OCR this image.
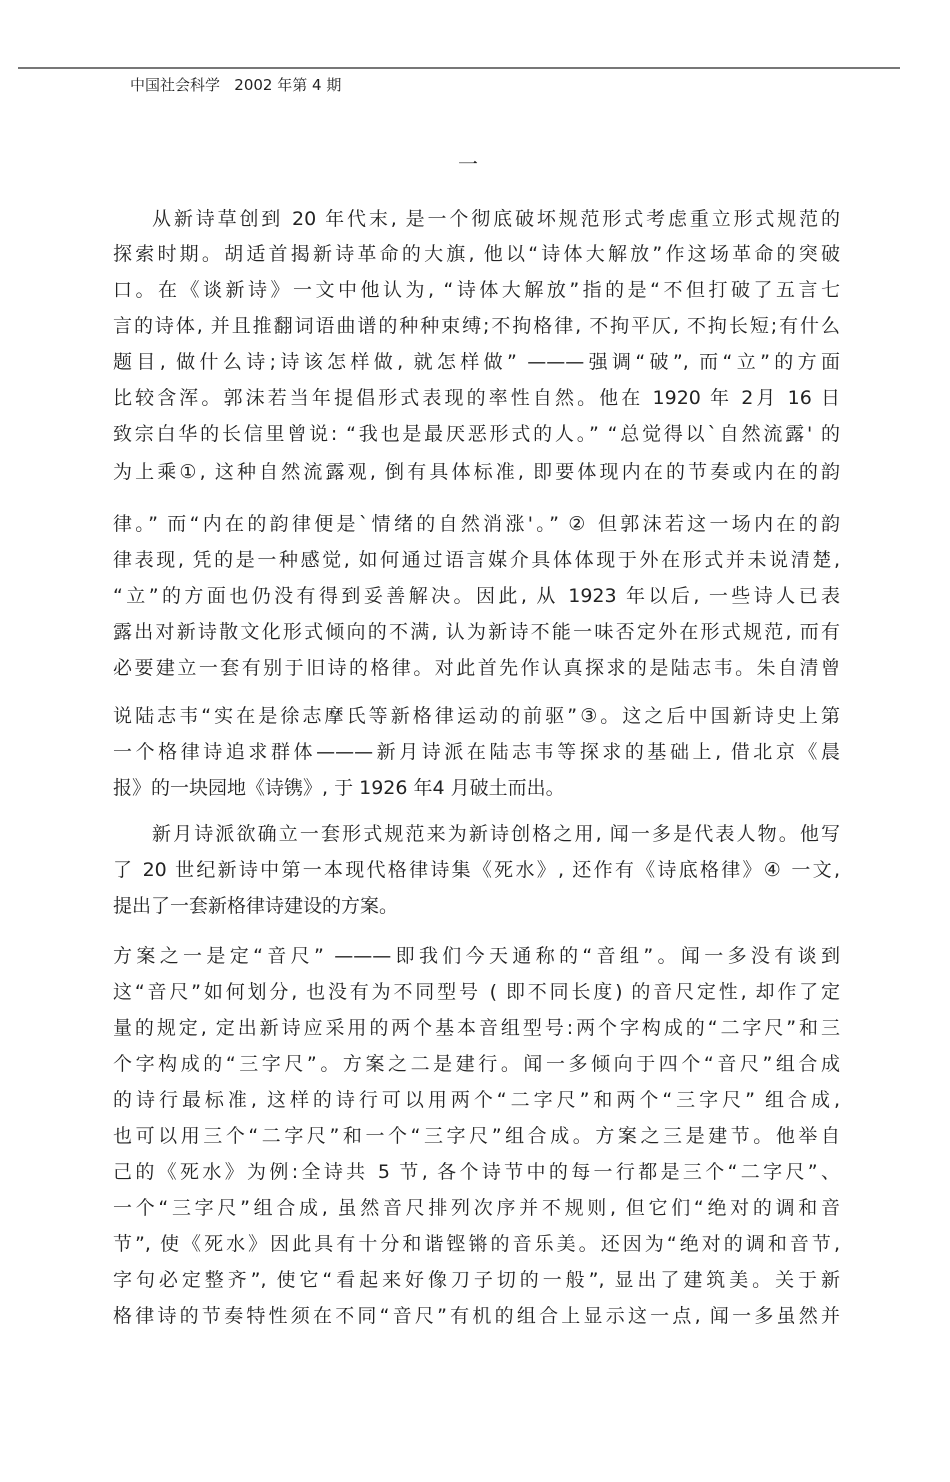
中国社会科学   2002 年第 4 期
一
从新诗草创到 20 年代末, 是一个彻底破坏规范形式考虑重立形式规范的
探索时期。胡适首揭新诗革命的大旗, 他以“诗体大解放”作这场革命的突破
口。在《谈新诗》一文中他认为, “诗体大解放”指的是“不但打破了五言七
言的诗体, 并且推翻词语曲谱的种种束缚;不拘格律, 不拘平仄, 不拘长短;有什么
题目, 做什么诗;诗该怎样做, 就怎样做” ———强调“破”, 而“立”的方面
比较含浑。郭沫若当年提倡形式表现的率性自然。他在 1920 年 2月 16 日
致宗白华的长信里曾说: “我也是最厌恶形式的人。” “总觉得以`自然流露' 的
为上乘①, 这种自然流露观, 倒有具体标准, 即要体现内在的节奏或内在的韵
律。” 而“内在的韵律便是`情绪的自然消涨'。” ② 但郭沫若这一场内在的韵
律表现, 凭的是一种感觉, 如何通过语言媒介具体体现于外在形式并未说清楚,
“立”的方面也仍没有得到妥善解决。因此, 从 1923 年以后, 一些诗人已表
露出对新诗散文化形式倾向的不满, 认为新诗不能一味否定外在形式规范, 而有
必要建立一套有别于旧诗的格律。对此首先作认真探求的是陆志韦。朱自清曾
说陆志韦“实在是徐志摩氏等新格律运动的前驱”③。这之后中国新诗史上第
一个格律诗追求群体———新月诗派在陆志韦等探求的基础上, 借北京《晨
报》的一块园地《诗镌》, 于 1926 年4 月破土而出。
新月诗派欲确立一套形式规范来为新诗创格之用, 闻一多是代表人物。他写
了 20 世纪新诗中第一本现代格律诗集《死水》, 还作有《诗底格律》④ 一文,
提出了一套新格律诗建设的方案。
方案之一是定“音尺” ———即我们今天通称的“音组”。闻一多没有谈到
这“音尺”如何划分, 也没有为不同型号 ( 即不同长度) 的音尺定性, 却作了定
量的规定, 定出新诗应采用的两个基本音组型号:两个字构成的“二字尺”和三
个字构成的“三字尺”。方案之二是建行。闻一多倾向于四个“音尺”组合成
的诗行最标准, 这样的诗行可以用两个“二字尺”和两个“三字尺” 组合成,
也可以用三个“二字尺”和一个“三字尺”组合成。方案之三是建节。他举自
己的《死水》为例:全诗共 5 节, 各个诗节中的每一行都是三个“二字尺”、
一个“三字尺”组合成, 虽然音尺排列次序并不规则, 但它们“绝对的调和音
节”, 使《死水》因此具有十分和谐铿锵的音乐美。还因为“绝对的调和音节,
字句必定整齐”, 使它“看起来好像刀子切的一般”, 显出了建筑美。关于新
格律诗的节奏特性须在不同“音尺”有机的组合上显示这一点, 闻一多虽然并
